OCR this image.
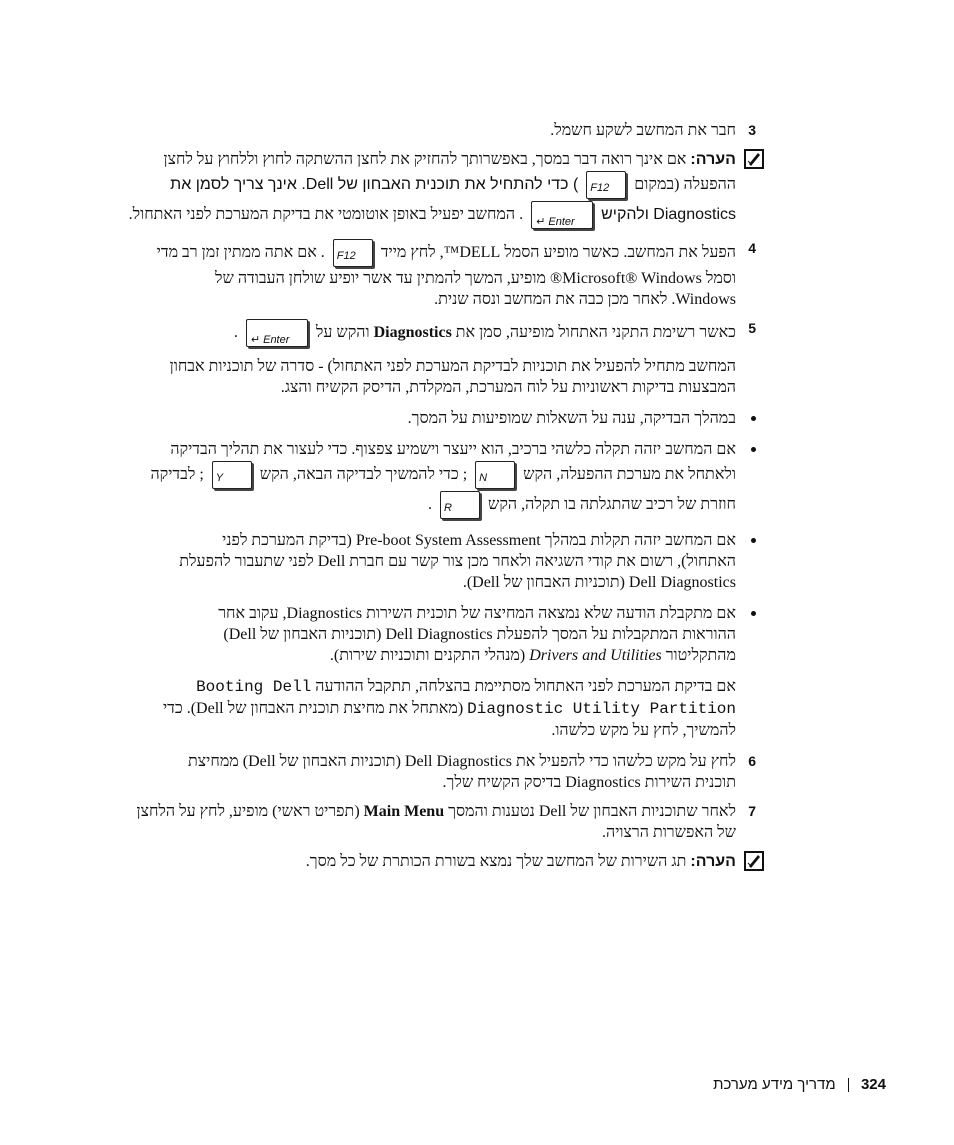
3
חבר את המחשב לשקע חשמל.
הערה: אם אינך רואה דבר במסך, באפשרותך להחזיק את לחצן ההשתקה לחוץ וללחוץ על לחצן
ההפעלה (במקום
F12
) כדי להתחיל את תוכנית האבחון של Dell. אינך צריך לסמן את
Diagnostics ולהקיש
↵ Enter
. המחשב יפעיל באופן אוטומטי את בדיקת המערכת לפני האתחול.
4
הפעל את המחשב. כאשר מופיע הסמל DELL™, לחץ מייד
F12
. אם אתה ממתין זמן רב מדי
וסמל Microsoft® Windows® מופיע, המשך להמתין עד אשר יופיע שולחן העבודה של
Windows. לאחר מכן כבה את המחשב ונסה שנית.
5
כאשר רשימת התקני האתחול מופיעה, סמן את Diagnostics והקש על
↵ Enter
.
המחשב מתחיל להפעיל את תוכניות לבדיקת המערכת לפני האתחול) - סדרה של תוכניות אבחון
המבצעות בדיקות ראשוניות על לוח המערכת, המקלדת, הדיסק הקשיח והצג.
במהלך הבדיקה, ענה על השאלות שמופיעות על המסך.
אם המחשב יזהה תקלה כלשהי ברכיב, הוא ייעצר וישמיע צפצוף. כדי לעצור את תהליך הבדיקה
ולאתחל את מערכת ההפעלה, הקש
N
; כדי להמשיך לבדיקה הבאה, הקש
Y
; לבדיקה
חוזרת של רכיב שהתגלתה בו תקלה, הקש
R
.
אם המחשב יזהה תקלות במהלך Pre-boot System Assessment (בדיקת המערכת לפני
האתחול), רשום את קודי השגיאה ולאחר מכן צור קשר עם חברת Dell לפני שתעבור להפעלת
Dell Diagnostics (תוכניות האבחון של Dell).
אם מתקבלת הודעה שלא נמצאה המחיצה של תוכנית השירות Diagnostics, עקוב אחר
ההוראות המתקבלות על המסך להפעלת Dell Diagnostics (תוכניות האבחון של Dell)
מהתקליטור Drivers and Utilities (מנהלי התקנים ותוכניות שירות).
אם בדיקת המערכת לפני האתחול מסתיימת בהצלחה, תתקבל ההודעה Booting Dell
Diagnostic Utility Partition (מאתחל את מחיצת תוכנית האבחון של Dell). כדי
להמשיך, לחץ על מקש כלשהו.
6
לחץ על מקש כלשהו כדי להפעיל את Dell Diagnostics (תוכניות האבחון של Dell) ממחיצת
תוכנית השירות Diagnostics בדיסק הקשיח שלך.
7
לאחר שתוכניות האבחון של Dell נטענות והמסך Main Menu (תפריט ראשי) מופיע, לחץ על הלחצן
של האפשרות הרצויה.
הערה: תג השירות של המחשב שלך נמצא בשורת הכותרת של כל מסך.
324  מדריך מידע מערכת
